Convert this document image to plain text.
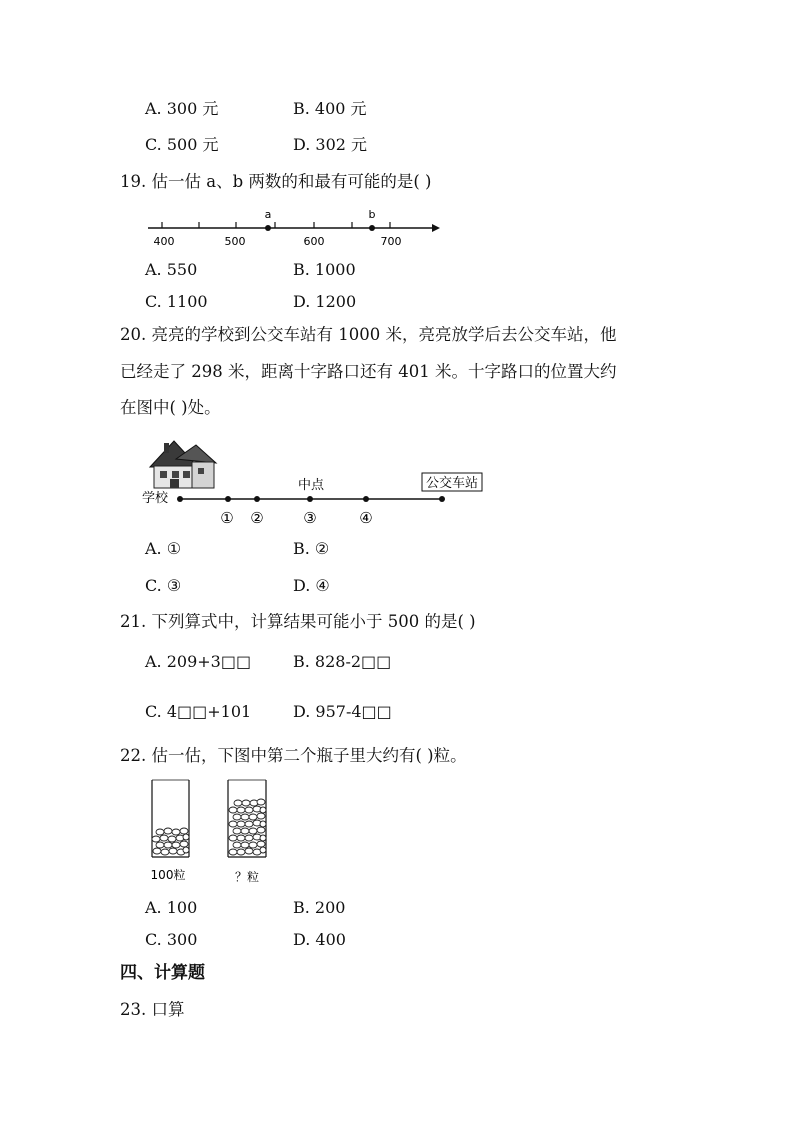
A. 300 元	B. 400 元
C. 500 元	D. 302 元
19. 估一估 a、b 两数的和最有可能的是( )
a	b
400	500	600	700
A. 550	B. 1000
C. 1100	D. 1200
20. 亮亮的学校到公交车站有 1000 米，亮亮放学后去公交车站，他
已经走了 298 米，距离十字路口还有 401 米。十字路口的位置大约
在图中( )处。
学校
中点	公交车站
① ②	③	④
A. ①	B. ②
C. ③	D. ④
21. 下列算式中，计算结果可能小于 500 的是( )
A. 209+3□□	B. 828-2□□
C. 4□□+101	D. 957-4□□
22. 估一估，下图中第二个瓶子里大约有( )粒。
100粒	？粒
A. 100	B. 200
C. 300	D. 400
四、计算题
23. 口算
